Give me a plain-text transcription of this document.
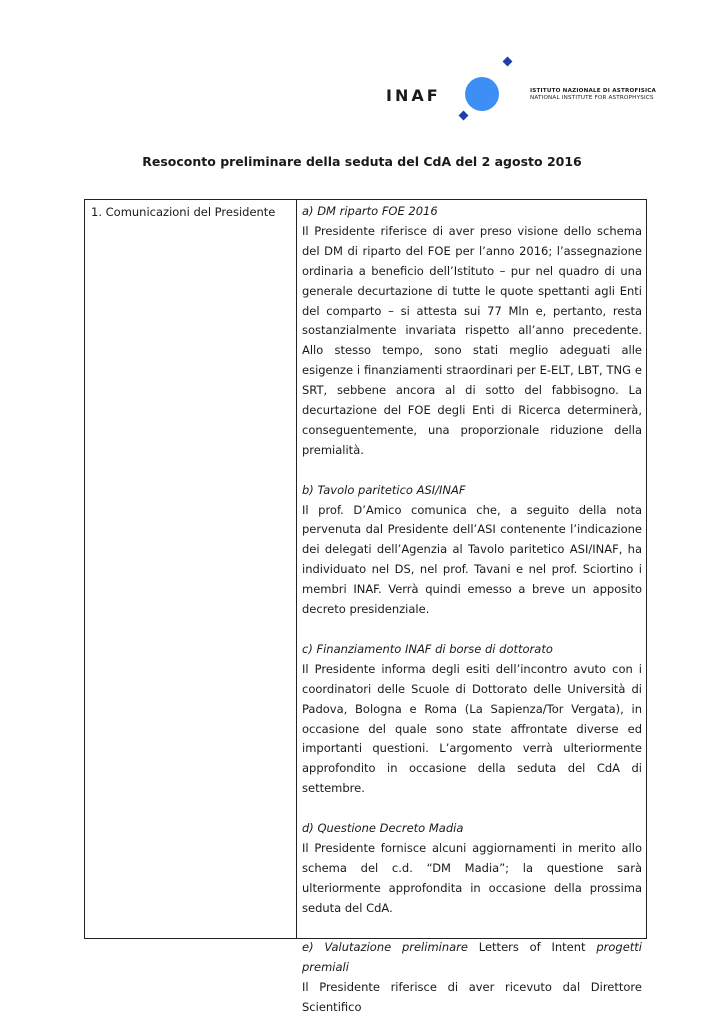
INAF	ISTITUTO NAZIONALE DI ASTROFISICA
NATIONAL INSTITUTE FOR ASTROPHYSICS
Resoconto preliminare della seduta del CdA del 2 agosto 2016
1. Comunicazioni del Presidente a) DM riparto FOE 2016

Il Presidente riferisce di aver preso visione dello schema del DM di riparto del FOE per l’anno 2016; l’assegnazione ordinaria a beneficio dell’Istituto – pur nel quadro di una generale decurtazione di tutte le quote spettanti agli Enti del comparto – si attesta sui 77 Mln e, pertanto, resta sostanzialmente invariata rispetto all’anno precedente. Allo stesso tempo, sono stati meglio adeguati alle esigenze i finanziamenti straordinari per E-ELT, LBT, TNG e SRT, sebbene ancora al di sotto del fabbisogno. La decurtazione del FOE degli Enti di Ricerca determinerà, conseguentemente, una proporzionale riduzione della premialità.

b) Tavolo paritetico ASI/INAF

Il prof. D’Amico comunica che, a seguito della nota pervenuta dal Presidente dell’ASI contenente l’indicazione dei delegati dell’Agenzia al Tavolo paritetico ASI/INAF, ha individuato nel DS, nel prof. Tavani e nel prof. Sciortino i membri INAF. Verrà quindi emesso a breve un apposito decreto presidenziale.

c) Finanziamento INAF di borse di dottorato

Il Presidente informa degli esiti dell’incontro avuto con i coordinatori delle Scuole di Dottorato delle Università di Padova, Bologna e Roma (La Sapienza/Tor Vergata), in occasione del quale sono state affrontate diverse ed importanti questioni. L’argomento verrà ulteriormente approfondito in occasione della seduta del CdA di settembre.

d) Questione Decreto Madia

Il Presidente fornisce alcuni aggiornamenti in merito allo schema del c.d. “DM Madia”; la questione sarà ulteriormente approfondita in occasione della prossima seduta del CdA.

e) Valutazione preliminare Letters of Intent progetti premiali

Il Presidente riferisce di aver ricevuto dal Direttore Scientifico
